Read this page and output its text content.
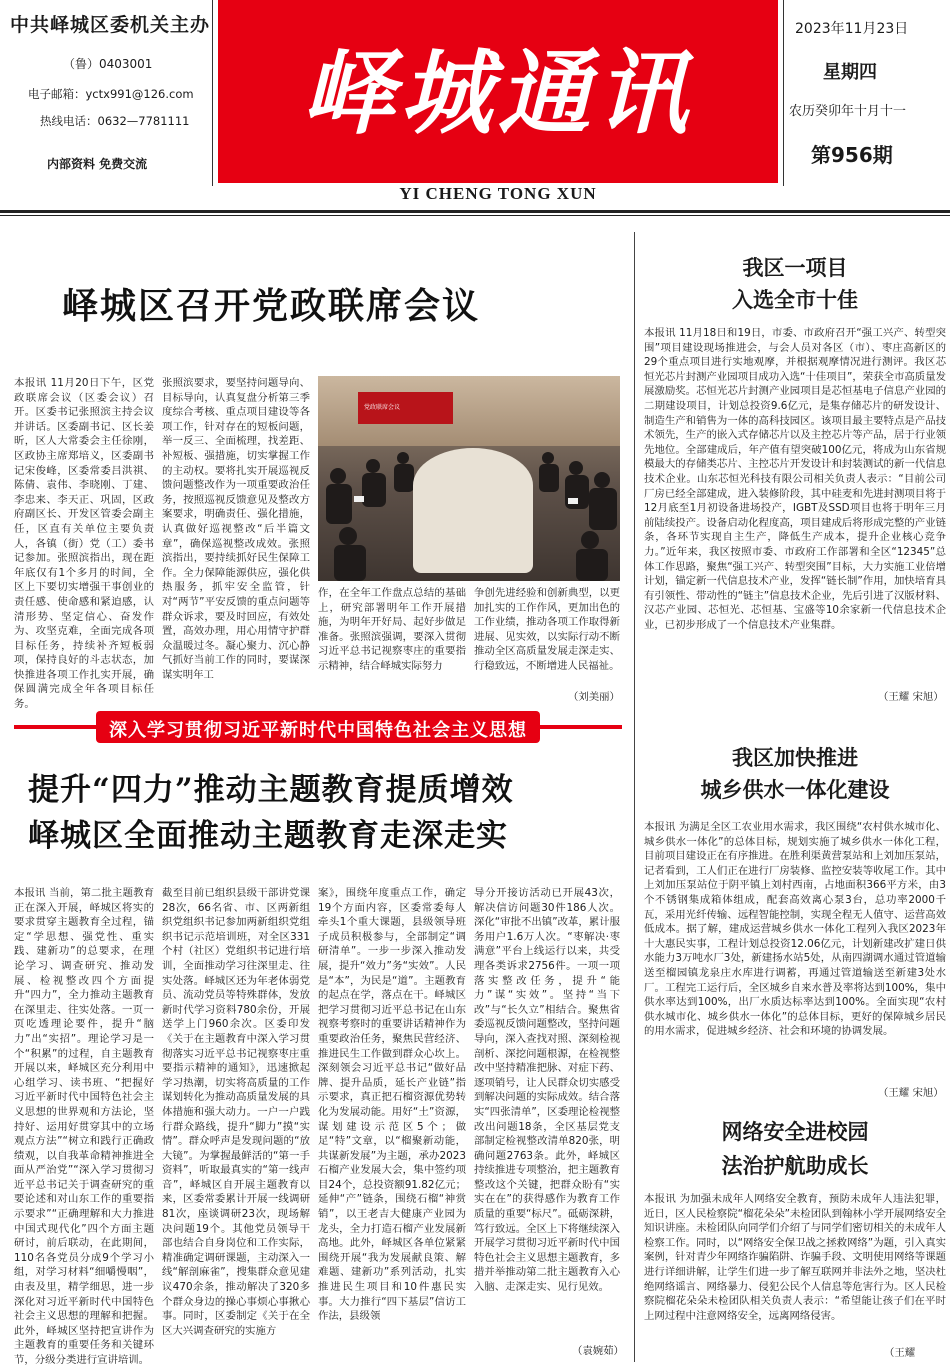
中共峄城区委机关主办
（鲁）0403001
电子邮箱：yctx991@126.com
热线电话：0632—7781111
内部资料 免费交流
峄城通讯
YI CHENG TONG XUN
2023年11月23日
星期四
农历癸卯年十月十一
第956期
峄城区召开党政联席会议
本报讯 11月20日下午，区党政联席会议（区委会议）召开。区委书记张照滨主持会议并讲话。区委副书记、区长姜昕，区人大常委会主任徐刚，区政协主席郑培义，区委副书记宋俊峰，区委常委吕洪祺、陈倩、袁伟、李晓刚、丁建、李忠来、李天正、巩固，区政府副区长、开发区管委会副主任，区直有关单位主要负责人，各镇（街）党（工）委书记参加。张照滨指出，现在距年底仅有1个多月的时间，全区上下要切实增强干事创业的责任感、使命感和紧迫感，认清形势、坚定信心、奋发作为、攻坚克难，全面完成各项目标任务，持续补齐短板弱项，保持良好的斗志状态，加快推进各项工作扎实开展，确保圆满完成全年各项目标任务。
张照滨要求，要坚持问题导向、目标导向，认真复盘分析第三季度综合考核、重点项目建设等各项工作，针对存在的短板问题，举一反三、全面梳理，找差距、补短板、强措施，切实掌握工作的主动权。要将扎实开展巡视反馈问题整改作为一项重要政治任务，按照巡视反馈意见及整改方案要求，明确责任、强化措施，认真做好巡视整改“后半篇文章”，确保巡视整改成效。张照滨指出，要持续抓好民生保障工作。全力保障能源供应，强化供热服务，抓牢安全监管，针对“两节”平安反馈的重点问题等群众诉求，要及时回应，有效处置，高效办理，用心用情守护群众温暖过冬。凝心聚力、沉心静气抓好当前工作的同时，要谋深谋实明年工
党政联席会议
作，在全年工作盘点总结的基础上，研究部署明年工作开展措施，为明年开好局、起好步做足准备。张照滨强调，要深入贯彻习近平总书记视察枣庄的重要指示精神，结合峄城实际努力
争创先进经验和创新典型，以更加扎实的工作作风，更加出色的工作业绩，推动各项工作取得新进展、见实效，以实际行动不断推动全区高质量发展走深走实、行稳致远，不断增进人民福祉。
（刘美丽）
深入学习贯彻习近平新时代中国特色社会主义思想
提升“四力”推动主题教育提质增效
峄城区全面推动主题教育走深走实
本报讯 当前，第二批主题教育正在深入开展，峄城区将实的要求贯穿主题教育全过程，锚定“学思想、强党性、重实践、建新功”的总要求，在理论学习、调查研究、推动发展、检视整改四个方面提升“四力”，全力推动主题教育在深里走、往实处落。一页一页吃透理论要件，提升“脑力”出“实招”。理论学习是一个“积累”的过程，自主题教育开展以来，峄城区充分利用中心组学习、读书班、“把握好习近平新时代中国特色社会主义思想的世界观和方法论，坚持好、运用好贯穿其中的立场观点方法”“树立和践行正确政绩观，以自我革命精神推进全面从严治党”“深入学习贯彻习近平总书记关于调查研究的重要论述和对山东工作的重要指示要求”“正确理解和大力推进中国式现代化”四个方面主题研讨，前后联动，在此期间，110名各党员分成9个学习小组，对学习材料“细嚼慢咽”，由表及里，精学细思，进一步深化对习近平新时代中国特色社会主义思想的理解和把握。此外，峄城区坚持把宣讲作为主题教育的重要任务和关键环节，分级分类进行宣讲培训。
截至目前已组织县级干部讲党课28次，66名省、市、区两新组织党组织书记参加两新组织党组织书记示范培训班，对全区331个村（社区）党组织书记进行培训，全面推动学习往深里走、往实处落。峄城区还为年老体弱党员、流动党员等特殊群体，发放新时代学习资料780余份，开展送学上门960余次。区委印发《关于在主题教育中深入学习贯彻落实习近平总书记视察枣庄重要指示精神的通知》，迅速掀起学习热潮，切实将高质量的工作谋划转化为推动高质量发展的具体措施和强大动力。一户一户践行群众路线，提升“脚力”摸“实情”。群众呼声是发现问题的“放大镜”。为掌握最鲜活的“第一手资料”，听取最真实的“第一线声音”，峄城区自开展主题教育以来，区委常委累计开展一线调研81次，座谈调研23次，现场解决问题19个。其他党员领导干部也结合自身岗位和工作实际，精准确定调研课题，主动深入一线“解剖麻雀”，搜集群众意见建议470余条，推动解决了320多个群众身边的操心事烦心事揪心事。同时，区委制定《关于在全区大兴调查研究的实施方
案》，围绕年度重点工作，确定19个方面内容，区委常委每人牵头1个重大课题，县级领导班子成员积极参与，全部制定“调研清单”。一步一步深入推动发展，提升“效力”务“实效”。人民是“本”，为民是“道”。主题教育的起点在学，落点在干。峄城区把学习贯彻习近平总书记在山东视察考察时的重要讲话精神作为重要政治任务，聚焦民营经济、推进民生工作做到群众心坎上。深刻领会习近平总书记“做好品牌、提升品质，延长产业链”指示要求，真正把石榴资源优势转化为发展动能。用好“土”资源，谋划建设示范区5个；做足“特”文章，以“榴聚新动能，共谋新发展”为主题，承办2023石榴产业发展大会，集中签约项目24个，总投资额91.82亿元；延伸“产”链条，围绕石榴“神赏销”，以王老吉大健康产业园为龙头，全力打造石榴产业发展新高地。此外，峄城区各单位紧紧围绕开展“我为发展献良策、解难题、建新功”系列活动，扎实推进民生项目和10件惠民实事。大力推行“四下基层”信访工作法，县级领
导分开接访活动已开展43次，解决信访问题30件186人次。深化“审批不出镇”改革，累计服务用户1.6万人次。“枣解决·枣满意”平台上线运行以来，共受理各类诉求2756件。一项一项落实整改任务，提升“能力”谋“实效”。坚持“当下改”与“长久立”相结合。聚焦省委巡视反馈问题整改，坚持问题导向，深入查找对照、深刻检视剖析、深挖问题根源，在检视整改中坚持精准把脉、对症下药、逐项销号，让人民群众切实感受到解决问题的实际成效。结合落实“四张清单”，区委理论检视整改出问题18条，全区基层党支部制定检视整改清单820张，明确问题2763条。此外，峄城区持续推进专项整治，把主题教育整改这个关键，把群众盼有“实实在在”的获得感作为教育工作质量的重要“标尺”。砥砺深耕，笃行致远。全区上下将继续深入开展学习贯彻习近平新时代中国特色社会主义思想主题教育，多措并举推动第二批主题教育入心入脑、走深走实、见行见效。
（袁婉茹）
我区一项目
入选全市十佳
本报讯 11月18日和19日，市委、市政府召开“强工兴产、转型突围”项目建设现场推进会，与会人员对各区（市）、枣庄高新区的29个重点项目进行实地观摩，并根据观摩情况进行测评。我区芯恒光芯片封测产业园项目成功入选“十佳项目”，荣获全市高质量发展激励奖。芯恒光芯片封测产业园项目是芯恒基电子信息产业园的二期建设项目，计划总投资9.6亿元，是集存储芯片的研发设计、制造生产和销售为一体的高科技园区。该项目最主要特点是产品技术领先，生产的嵌入式存储芯片以及主控芯片等产品，居于行业领先地位。全部建成后，年产值有望突破100亿元，将成为山东省规模最大的存储类芯片、主控芯片开发设计和封装测试的新一代信息技术企业。山东芯恒光科技有限公司相关负责人表示：“目前公司厂房已经全部建成，进入装修阶段，其中硅麦和先进封测项目将于12月底至1月初设备进场投产，IGBT及SSD项目也将于明年三月前陆续投产。设备启动化程度高，项目建成后将形成完整的产业链条，各环节实现自主生产，降低生产成本，提升企业核心竞争力。”近年来，我区按照市委、市政府工作部署和全区“12345”总体工作思路，聚焦“强工兴产、转型突围”目标，大力实施工业倍增计划，锚定新一代信息技术产业，发挥“链长制”作用，加快培育具有引领性、带动性的“链主”信息技术企业，先后引进了汉版材料、汉芯产业园、芯恒光、芯恒基、宝盛等10余家新一代信息技术企业，已初步形成了一个信息技术产业集群。
（王耀 宋旭）
我区加快推进
城乡供水一体化建设
本报讯 为满足全区工农业用水需求，我区围绕“农村供水城市化、城乡供水一体化”的总体目标，规划实施了城乡供水一体化工程，目前项目建设正在有序推进。在胜利渠黄营泵站和上刘加压泵站，记者看到，工人们正在进行厂房装修、监控安装等收尾工作。其中上刘加压泵站位于阴平镇上刘村西南，占地面积366平方米，由3个不锈钢集成箱体组成，配套高效离心泵3台，总功率2000千瓦，采用光纤传输、远程智能控制，实现全程无人值守、运营高效低成本。据了解，建成运营城乡供水一体化工程列入我区2023年十大惠民实事，工程计划总投资12.06亿元，计划新建改扩建日供水能力3万吨水厂3处，新建扬水站5处，从南四湖调水通过管道输送至榴园镇龙泉庄水库进行调蓄，再通过管道输送至新建3处水厂。工程完工运行后，全区城乡自来水普及率将达到100%，集中供水率达到100%，出厂水质达标率达到100%。全面实现“农村供水城市化、城乡供水一体化”的总体目标，更好的保障城乡居民的用水需求，促进城乡经济、社会和环境的协调发展。
（王耀 宋旭）
网络安全进校园
法治护航助成长
本报讯 为加强未成年人网络安全教育，预防未成年人违法犯罪，近日，区人民检察院“榴花朵朵”未检团队到翰林小学开展网络安全知识讲座。未检团队向同学们介绍了与同学们密切相关的未成年人检察工作。同时，以“网络安全保卫战之拯救网络”为题，引入真实案例，针对青少年网络诈骗陷阱、诈骗手段、文明使用网络等课题进行详细讲解，让学生们进一步了解互联网并非法外之地，坚决杜绝网络谣言、网络暴力、侵犯公民个人信息等危害行为。区人民检察院榴花朵朵未检团队相关负责人表示：“希望能让孩子们在平时上网过程中注意网络安全，远离网络侵害。
（王耀
